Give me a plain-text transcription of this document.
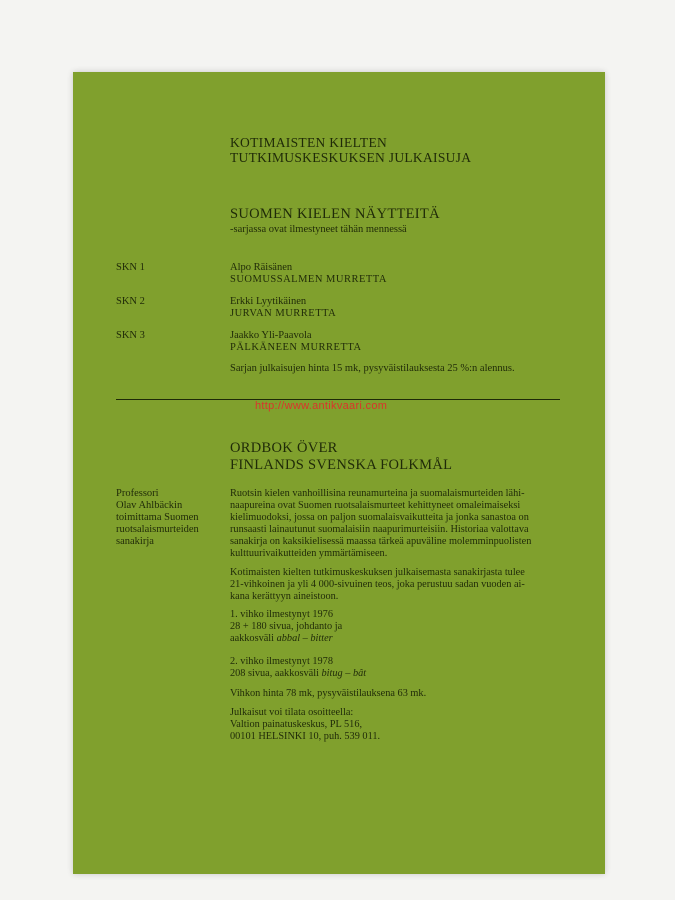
KOTIMAISTEN KIELTEN
TUTKIMUSKESKUKSEN JULKAISUJA
SUOMEN KIELEN NÄYTTEITÄ
-sarjassa ovat ilmestyneet tähän mennessä
SKN 1	Alpo Räisänen
SUOMUSSALMEN MURRETTA
SKN 2	Erkki Lyytikäinen
JURVAN MURRETTA
SKN 3	Jaakko Yli-Paavola
PÄLKÄNEEN MURRETTA
Sarjan julkaisujen hinta 15 mk, pysyväistilauksesta 25 %:n alennus.
http://www.antikvaari.com
ORDBOK ÖVER
FINLANDS SVENSKA FOLKMÅL
Professori
Olav Ahlbäckin
toimittama Suomen
ruotsalaismurteiden
sanakirja
Ruotsin kielen vanhoillisina reunamurteina ja suomalaismurteiden lähi-
naapureina ovat Suomen ruotsalaismurteet kehittyneet omaleimaiseksi
kielimuodoksi, jossa on paljon suomalaisvaikutteita ja jonka sanastoa on
runsaasti lainautunut suomalaisiin naapurimurteisiin. Historiaa valottava
sanakirja on kaksikielisessä maassa tärkeä apuväline molemminpuolisten
kulttuurivaikutteiden ymmärtämiseen.
Kotimaisten kielten tutkimuskeskuksen julkaisemasta sanakirjasta tulee
21-vihkoinen ja yli 4 000-sivuinen teos, joka perustuu sadan vuoden ai-
kana kerättyyn aineistoon.
1. vihko ilmestynyt 1976
28 + 180 sivua, johdanto ja
aakkosväli abbal – bitter
2. vihko ilmestynyt 1978
208 sivua, aakkosväli bitug – bât
Vihkon hinta 78 mk, pysyväistilauksena 63 mk.
Julkaisut voi tilata osoitteella:
Valtion painatuskeskus, PL 516,
00101 HELSINKI 10, puh. 539 011.
